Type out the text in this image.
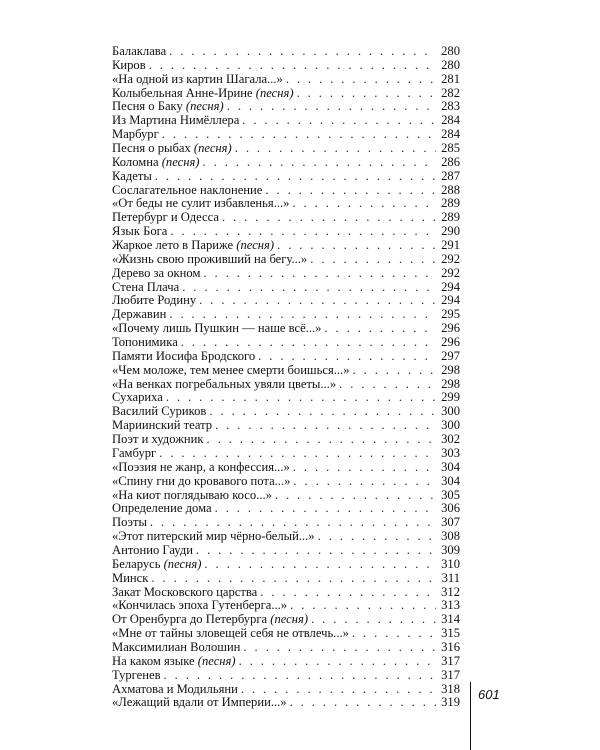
Балаклава . . .	280
Киров . . .	280
«На одной из картин Шагала...» . . .	281
Колыбельная Анне-Ирине (песня) . . .	282
Песня о Баку (песня) . . .	283
Из Мартина Нимёллера . . .	284
Марбург . . .	284
Песня о рыбах (песня) . . .	285
Коломна (песня) . . .	286
Кадеты . . .	287
Сослагательное наклонение . . .	288
«От беды не сулит избавленья...» . . .	289
Петербург и Одесса . . .	289
Язык Бога . . .	290
Жаркое лето в Париже (песня) . . .	291
«Жизнь свою проживший на бегу...» . . .	292
Дерево за окном . . .	292
Стена Плача . . .	294
Любите Родину . . .	294
Державин . . .	295
«Почему лишь Пушкин — наше всё...» . . .	296
Топонимика . . .	296
Памяти Иосифа Бродского . . .	297
«Чем моложе, тем менее смерти боишься...» . . .	298
«На венках погребальных увяли цветы...» . . .	298
Сухариха . . .	299
Василий Суриков . . .	300
Мариинский театр . . .	300
Поэт и художник . . .	302
Гамбург . . .	303
«Поэзия не жанр, а конфессия...» . . .	304
«Спину гни до кровавого пота...» . . .	304
«На киот поглядываю косо...» . . .	305
Определение дома . . .	306
Поэты . . .	307
«Этот питерский мир чёрно-белый...» . . .	308
Антонио Гауди . . .	309
Беларусь (песня) . . .	310
Минск . . .	311
Закат Московского царства . . .	312
«Кончилась эпоха Гутенберга...» . . .	313
От Оренбурга до Петербурга (песня) . . .	314
«Мне от тайны зловещей себя не отвлечь...» . . .	315
Максимилиан Волошин . . .	316
На каком языке (песня) . . .	317
Тургенев . . .	317
Ахматова и Модильяни . . .	318
«Лежащий вдали от Империи...» . . .	319
601
